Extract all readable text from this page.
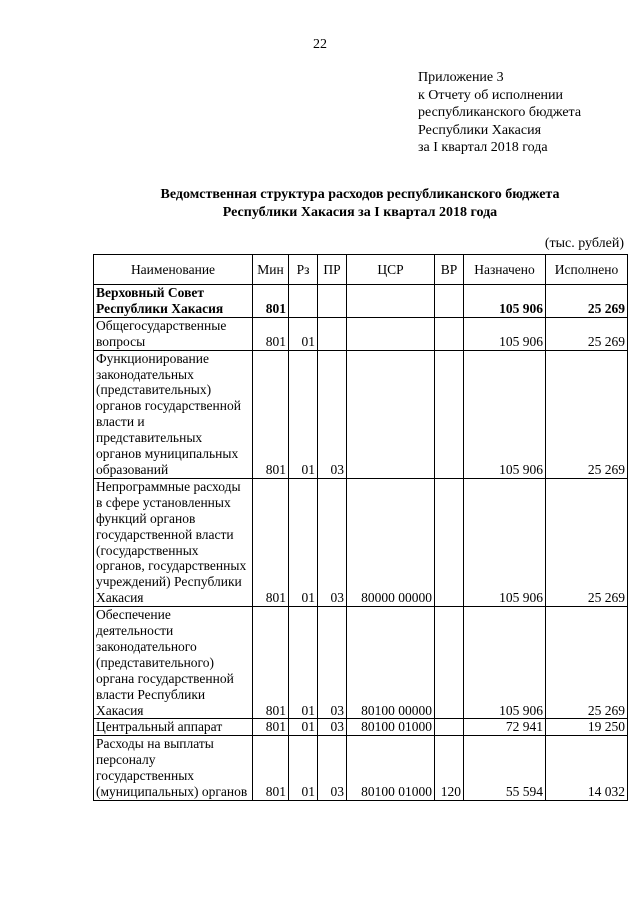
22
Приложение 3
к Отчету об исполнении
республиканского бюджета
Республики Хакасия
за I квартал 2018 года
Ведомственная структура расходов республиканского бюджета
Республики Хакасия за I квартал 2018 года
(тыс. рублей)
Наименование	Мин	Рз	ПР	ЦСР	ВР	Назначено	Исполнено
Верховный Совет Республики Хакасия	801					105 906	25 269
Общегосударственные вопросы	801	01				105 906	25 269
Функционирование законодательных (представительных) органов государственной власти и представительных органов муниципальных образований	801	01	03			105 906	25 269
Непрограммные расходы в сфере установленных функций органов государственной власти (государственных органов, государственных учреждений) Республики Хакасия	801	01	03	80000 00000		105 906	25 269
Обеспечение деятельности законодательного (представительного) органа государственной власти Республики Хакасия	801	01	03	80100 00000		105 906	25 269
Центральный аппарат	801	01	03	80100 01000		72 941	19 250
Расходы на выплаты персоналу государственных (муниципальных) органов	801	01	03	80100 01000	120	55 594	14 032
